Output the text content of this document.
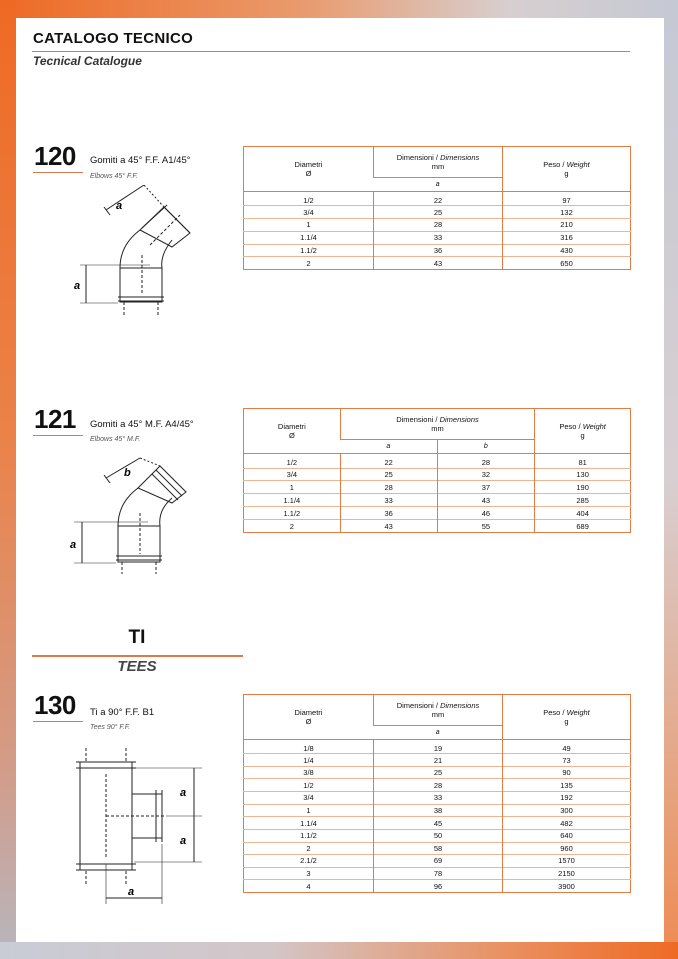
CATALOGO TECNICO
Tecnical Catalogue
120 Gomiti a 45° F.F. A1/45°
Elbows 45° F.F.
a
a
Diametri
Ø	Dimensioni / Dimensions
mm	Peso / Weight
g
	a	
1/2	22	97
3/4	25	132
1	28	210
1.1/4	33	316
1.1/2	36	430
2	43	650
121 Gomiti a 45° M.F. A4/45°
Elbows 45° M.F.
b
a
Diametri
Ø	Dimensioni / Dimensions
mm		Peso / Weight
g
	a	b	
1/2	22	28	81
3/4	25	32	130
1	28	37	190
1.1/4	33	43	285
1.1/2	36	46	404
2	43	55	689
TI
TEES
130 Ti a 90° F.F. B1
Tees 90° F.F.
a
a
a
Diametri
Ø	Dimensioni / Dimensions
mm	Peso / Weight
g
	a	
1/8	19	49
1/4	21	73
3/8	25	90
1/2	28	135
3/4	33	192
1	38	300
1.1/4	45	482
1.1/2	50	640
2	58	960
2.1/2	69	1570
3	78	2150
4	96	3900
